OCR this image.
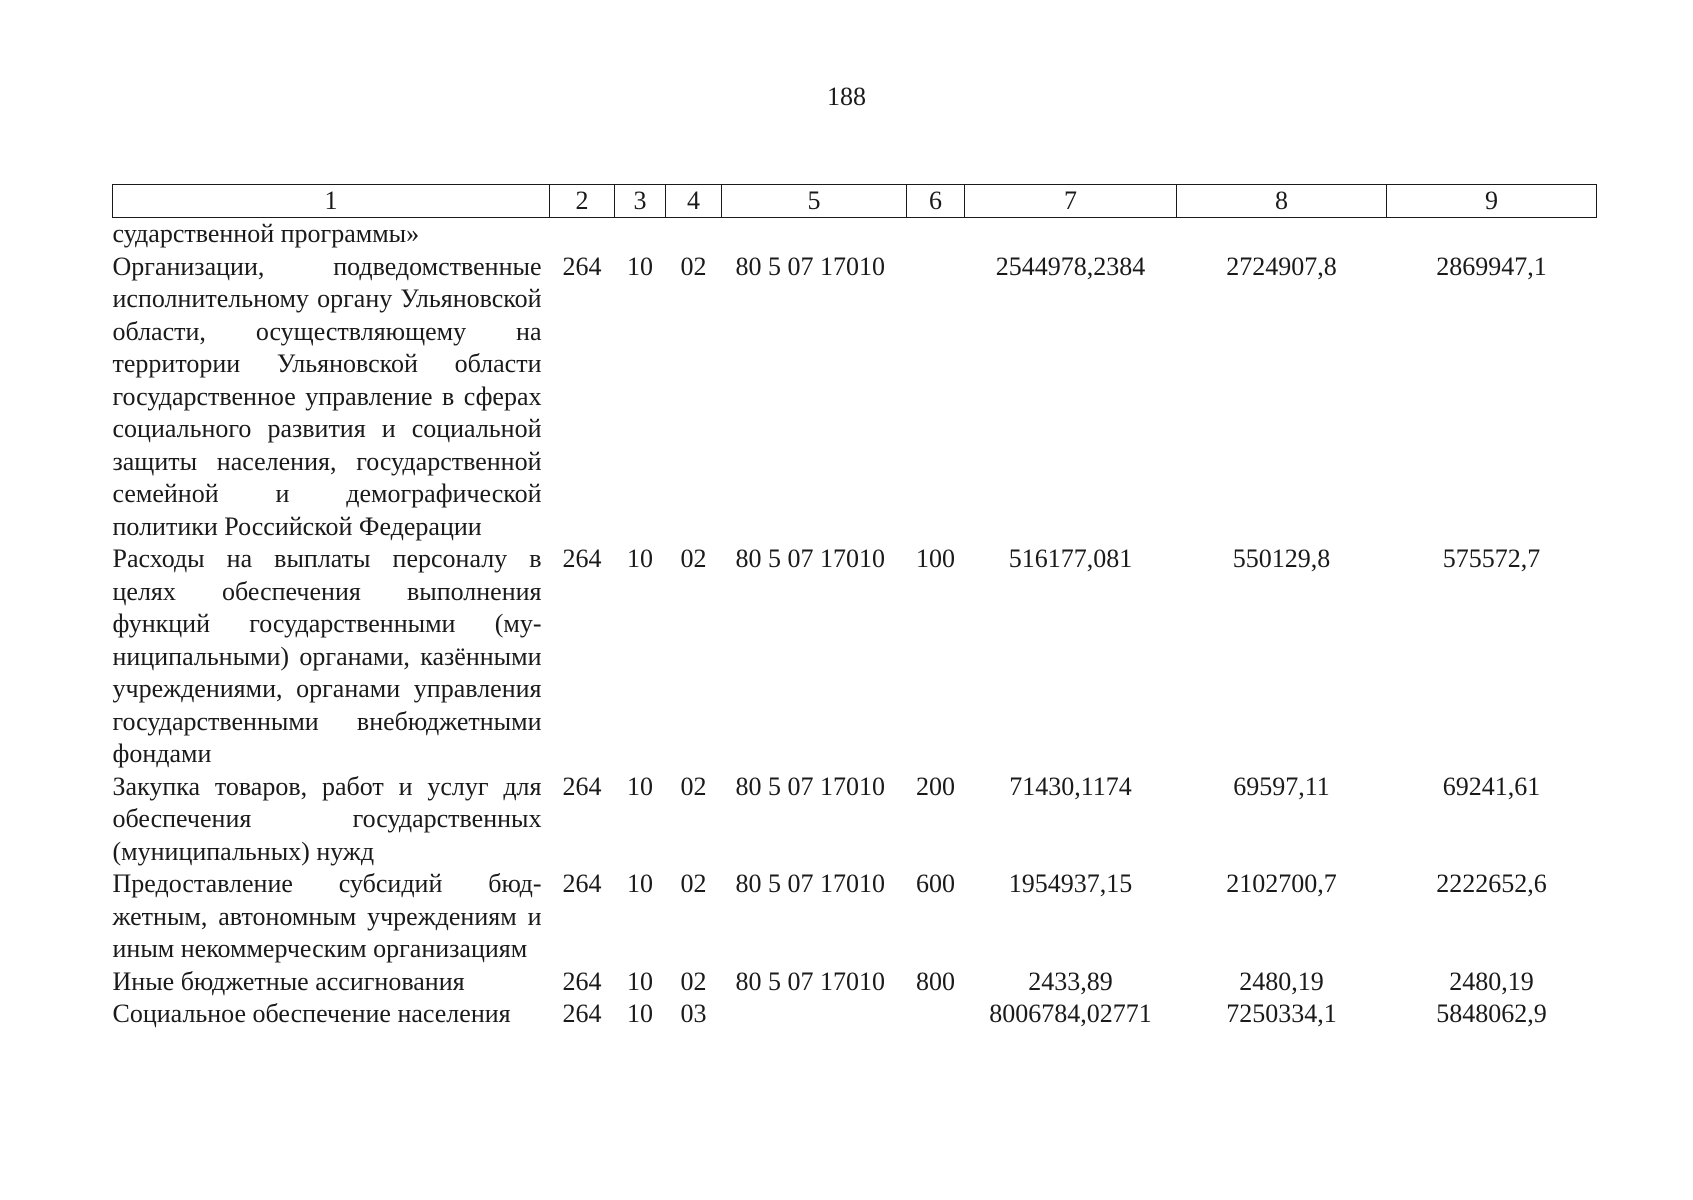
188
1	2	3	4	5	6	7	8	9
сударственной программы»								
Организации, подведомственные исполнительному органу Ульяновской области, осуществляющему на территории Ульяновской области государственное управление в сферах социального развития и социальной защиты населения, государственной семейной и демографической политики Российской Федерации	264	10	02	80 5 07 17010		2544978,2384	2724907,8	2869947,1
Расходы на выплаты персоналу в целях обеспечения выполнения функций государственными (муниципальными) органами, казёнными учреждениями, органами управления государственными внебюджетными фондами	264	10	02	80 5 07 17010	100	516177,081	550129,8	575572,7
Закупка товаров, работ и услуг для обеспечения государственных (муниципальных) нужд	264	10	02	80 5 07 17010	200	71430,1174	69597,11	69241,61
Предоставление субсидий бюджетным, автономным учреждениям и иным некоммерческим организациям	264	10	02	80 5 07 17010	600	1954937,15	2102700,7	2222652,6
Иные бюджетные ассигнования	264	10	02	80 5 07 17010	800	2433,89	2480,19	2480,19
Социальное обеспечение населения	264	10	03			8006784,02771	7250334,1	5848062,9
